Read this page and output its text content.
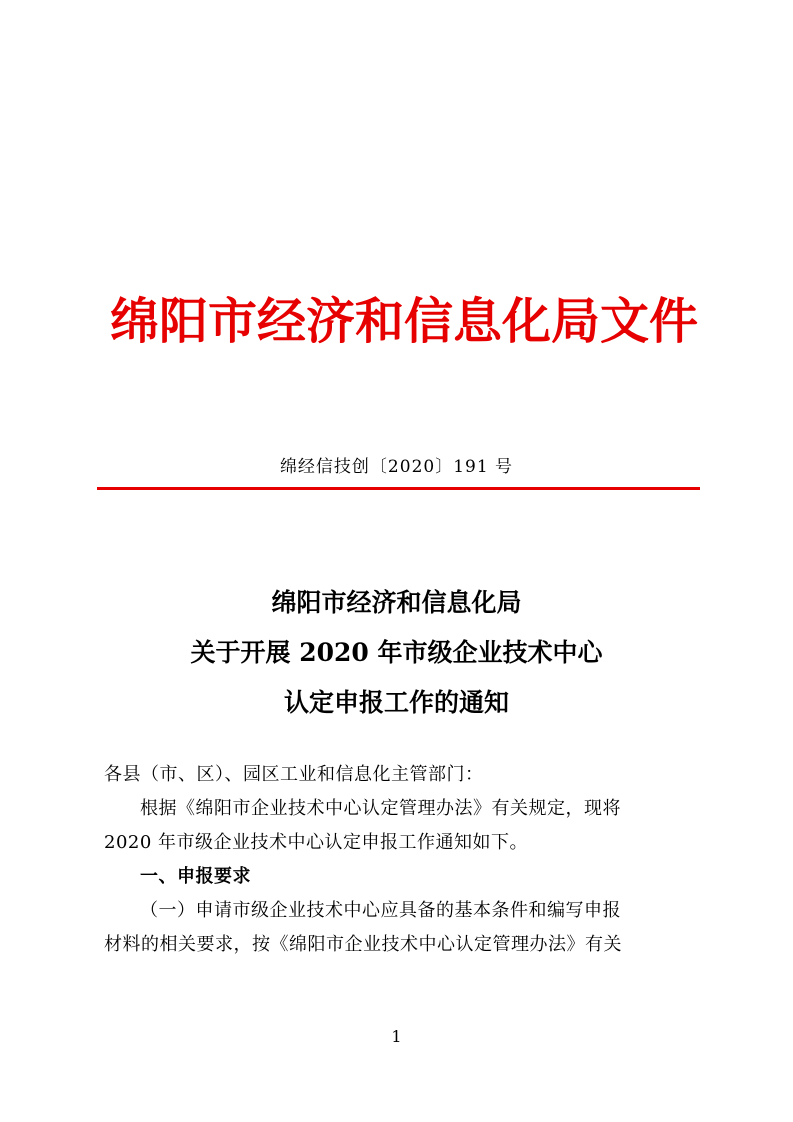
绵阳市经济和信息化局文件
绵经信技创〔2020〕191 号
绵阳市经济和信息化局
关于开展 2020 年市级企业技术中心
认定申报工作的通知
各县（市、区）、园区工业和信息化主管部门：
根据《绵阳市企业技术中心认定管理办法》有关规定，现将
2020 年市级企业技术中心认定申报工作通知如下。
一、申报要求
（一）申请市级企业技术中心应具备的基本条件和编写申报
材料的相关要求，按《绵阳市企业技术中心认定管理办法》有关
1
